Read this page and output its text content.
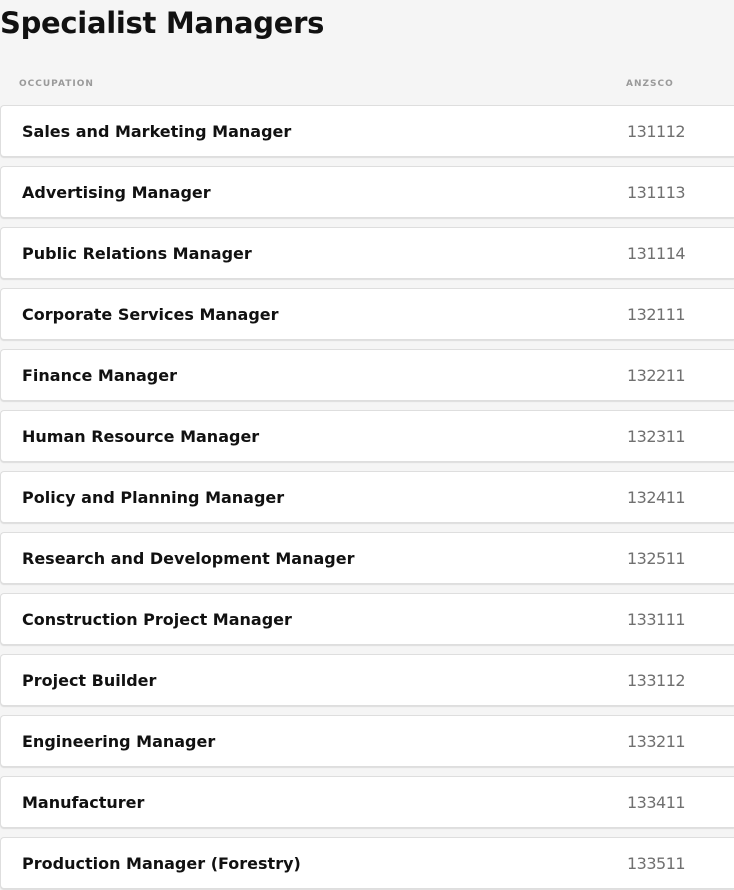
Specialist Managers
OCCUPATION	ANZSCO
Sales and Marketing Manager	131112
Advertising Manager	131113
Public Relations Manager	131114
Corporate Services Manager	132111
Finance Manager	132211
Human Resource Manager	132311
Policy and Planning Manager	132411
Research and Development Manager	132511
Construction Project Manager	133111
Project Builder	133112
Engineering Manager	133211
Manufacturer	133411
Production Manager (Forestry)	133511
